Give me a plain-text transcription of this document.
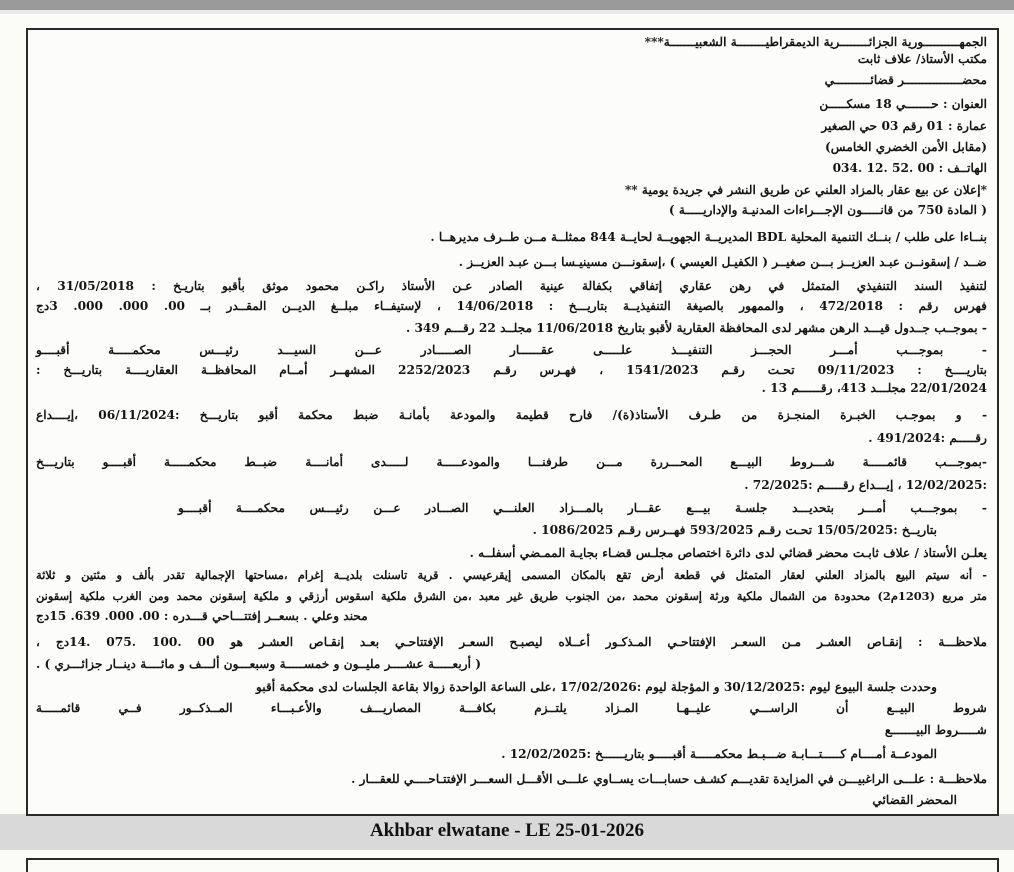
الجمهــــــــــورية الجزائــــــــرية الديمقراطيــــــــة الشعبيـــــــة***
مكتب الأستاذ/ علاف ثابت
محضــــــــــــــــر قضائــــــــــي
العنوان : حـــــــي 18 مسكـــــن
عمارة : 01 رقم 03 حي الصغير
(مقابل الأمن الخضري الخامس)
الهاتــف : 00 .52 .12 .034
*إعلان عن بيع عقار بالمزاد العلني عن طريق النشر في جريدة يومية **
( المادة 750 من قانـــــون الإجـــراءات المدنيـة والإداريـــــة )
بنــاءا على طلب / بنــك التنمية المحلية BDL المديريــة الجهويــة لحايــة 844 ممثلــة مــن طــرف مديرهــا .
ضــد / إسقونــن عبـد العزيــز بـــن صغيــر ( الكفيـل العيسي ) ،إسقونـــن مسينيـسا بـــن عبـد العزيــز .
لتنفيذ السند التنفيذي المتمثل في رهن عقاري إتفاقي بكفالة عينية الصادر عـن الأستاذ راكـن محمود موثق بأقبو بتاريـخ : 31/05/2018 ،
فهرس رقم : 472/2018 ، والممهور بالصيغة التنفيذيــة بتاريـــخ : 14/06/2018 ، لإستيفــاء مبلــغ الديــن المقــدر بــ 00. 000. 000. 3دج
- بموجــب جــدول قيـــد الرهن مشهر لدى المحافظة العقارية لأقبو بتاريخ 11/06/2018 مجلــد 22 رقـــم 349 .
- بموجـــب أمـــر الحجـــز التنفيـــذ علـــــى عقــــــار الصـــــادر عـــن السيـــد رئيـــس محكمـــــة أقبــــو
بتاريــــخ : 09/11/2023 تحـت رقـم 1541/2023 ، فهـرس رقـم 2252/2023 المشهــر أمــام المحافظــة العقاريــــة بتاريـــخ :
22/01/2024 مجلـــد 413، رقــــــم 13 .
- و بموجـب الخبـرة المنجـزة من طـرف الأستاذ(ة)/ فارح قطيمة والمودعة بأمانـة ضبط محكمة أقبو بتاريـــخ :06/11/2024 ،إيــــداع
رقـــــم :491/2024 .
-بموجـــب قائمـــــة شـــروط البيـــع المحـــررة مـــن طرفنـــا والمودعـــــة لـــــدى أمانــــة ضبــط محكمـــــة أقبــــو بتاريـــخ
:12/02/2025 ، إيـــداع رقـــــم :72/2025 .
- بموجـــب أمـــر بتحديـــد جلسـة بيـــع عقـــار بالمـــزاد العلنـــي الصـــادر عـــن رئيـــس محكمــــة أقبــــو
بتاريــخ :15/05/2025 تحـت رقـم 593/2025 فهــرس رقـم 1086/2025 .
يعلـن الأستاذ / علاف ثابـت محضر قضائي لدى دائرة اختصاص مجلـس قضـاء بجايـة الممـضي أسفلــه .
- أنه سيتم البيع بالمزاد العلني لعقار المتمثل في قطعة أرض تقع بالمكان المسمى إيقرعيسي . قرية تاسنلت بلديــة إغرام ،مساحتها الإجمالية تقدر بألف و مئتين و ثلاثة
متر مربع (1203م2) محدودة من الشمال ملكية ورثة إسقونن محمد ،من الجنوب طريق غير معبد ،من الشرق ملكية اسقوس أرزقي و ملكية إسقونن محمد ومن الغرب ملكية إسقونن
محند وعلي . بسعــر إفتتـــاحي قـــدره : 00. 000. 639. 15دج
ملاحظـــة : إنقـاص العشـر مـن السعـر الإفتتاحـي المـذكـور أعــلاه ليصبـح السعـر الإفتتاحـي بعـد إنقـاص العشـر هو 00 .100 .075 .14دج ،
( أربعـــــة عشــــر مليــون و خمســـــة وسبعـــون ألـــف و مائــــة دينــار جزائـــري ) .
وحددت جلسة البيوع ليوم :30/12/2025 و المؤجلة ليوم :17/02/2026 ،على الساعة الواحدة زوالا بقاعة الجلسات لدى محكمة أقبو
شروط البيــع أن الراســـي عليــهـا المـزاد يلتــزم بكافـــة المصاريـــف والأعـبـــاء المــذكــور فــي قائمـــــة
شـــــروط البيـــــــع
المودعــة أمــــام كـــــتـــابـة ضـــبـط محكمـــــة أقبـــــو بتاريــــــخ :12/02/2025 .
ملاحظـــة : علـــى الراغبيـــن في المزايدة تقديـــم كشـف حسابـــات يســاوي علـــى الأقـــل السعـــر الإفتتـاحــــي للعقـــار .
المحضر القضائي
Akhbar elwatane - LE 25-01-2026
